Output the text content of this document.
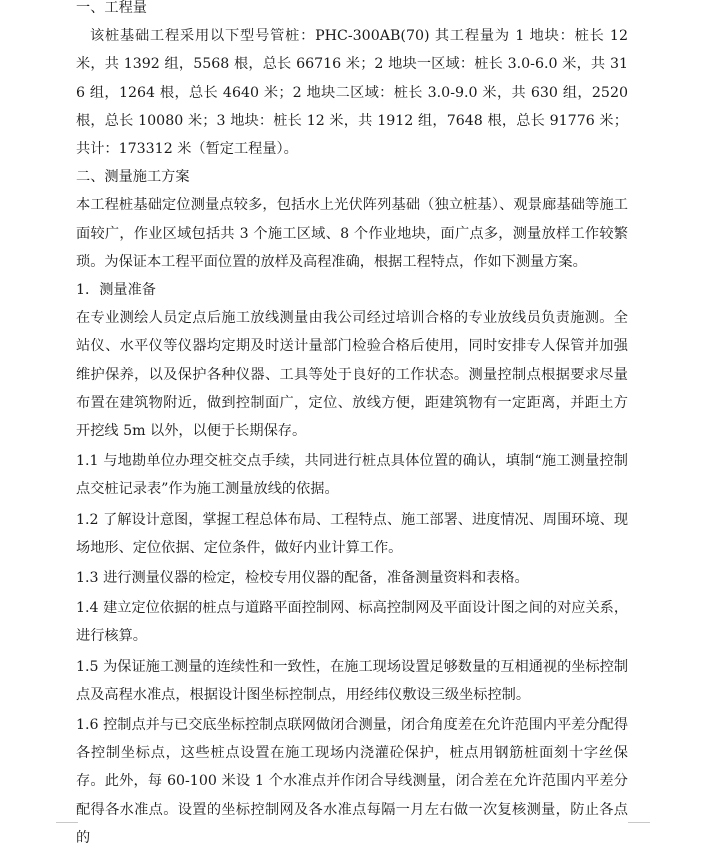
一、工程量

该桩基础工程采用以下型号管桩：PHC-300AB(70) 其工程量为 1 地块：桩长 12 米，共 1392 组，5568 根，总长 66716 米；2 地块一区域：桩长 3.0-6.0 米，共 316 组，1264 根，总长 4640 米；2 地块二区域：桩长 3.0-9.0 米，共 630 组，2520 根，总长 10080 米；3 地块：桩长 12 米，共 1912 组，7648 根，总长 91776 米；共计：173312 米（暂定工程量）。

二、测量施工方案

本工程桩基础定位测量点较多，包括水上光伏阵列基础（独立桩基）、观景廊基础等施工面较广，作业区域包括共 3 个施工区域、8 个作业地块，面广点多，测量放样工作较繁琐。为保证本工程平面位置的放样及高程准确，根据工程特点，作如下测量方案。

1．测量准备

在专业测绘人员定点后施工放线测量由我公司经过培训合格的专业放线员负责施测。全站仪、水平仪等仪器均定期及时送计量部门检验合格后使用，同时安排专人保管并加强维护保养，以及保护各种仪器、工具等处于良好的工作状态。测量控制点根据要求尽量布置在建筑物附近，做到控制面广，定位、放线方便，距建筑物有一定距离，并距土方开挖线 5m 以外，以便于长期保存。

1.1 与地勘单位办理交桩交点手续，共同进行桩点具体位置的确认，填制“施工测量控制点交桩记录表”作为施工测量放线的依据。

1.2 了解设计意图，掌握工程总体布局、工程特点、施工部署、进度情况、周围环境、现场地形、定位依据、定位条件，做好内业计算工作。

1.3 进行测量仪器的检定，检校专用仪器的配备，准备测量资料和表格。

1.4 建立定位依据的桩点与道路平面控制网、标高控制网及平面设计图之间的对应关系，进行核算。

1.5 为保证施工测量的连续性和一致性，在施工现场设置足够数量的互相通视的坐标控制点及高程水准点，根据设计图坐标控制点，用经纬仪敷设三级坐标控制。

1.6 控制点并与已交底坐标控制点联网做闭合测量，闭合角度差在允许范围内平差分配得各控制坐标点，这些桩点设置在施工现场内浇灌砼保护，桩点用钢筋桩面刻十字丝保存。此外，每 60-100 米设 1 个水准点并作闭合导线测量，闭合差在允许范围内平差分配得各水准点。设置的坐标控制网及各水准点每隔一月左右做一次复核测量，防止各点的
